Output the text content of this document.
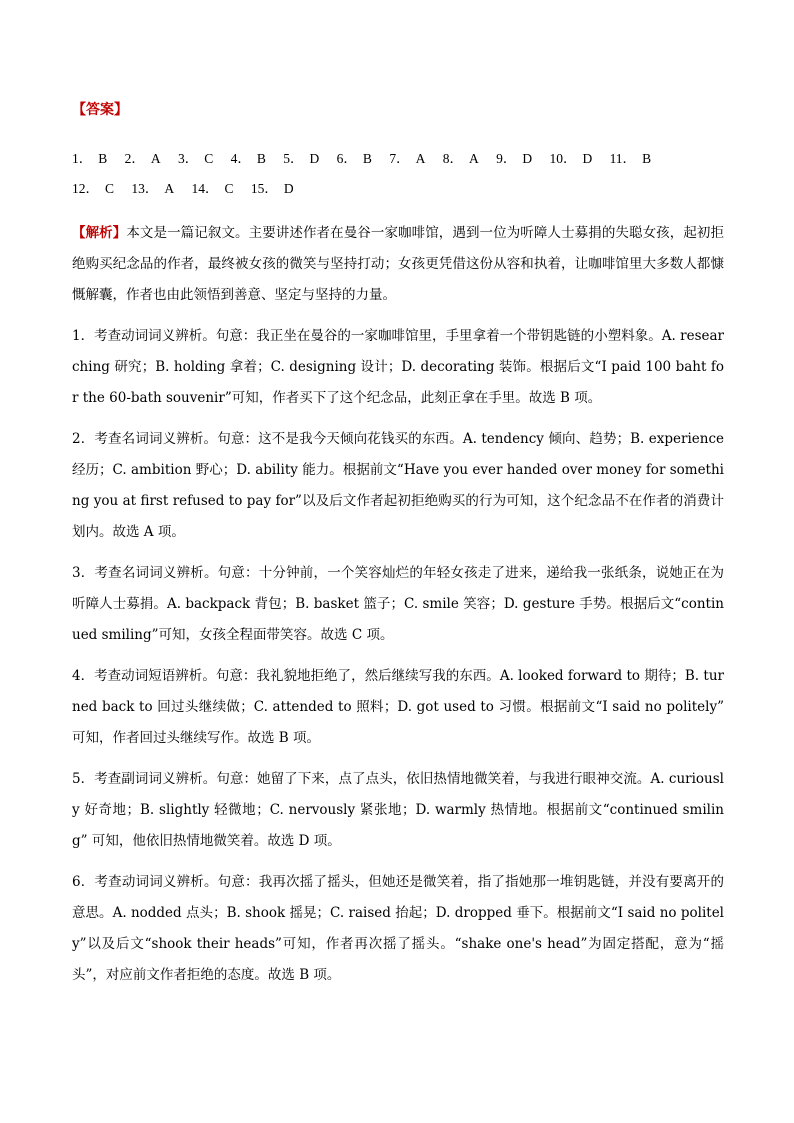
【答案】
1． B 2． A 3． C 4． B 5． D 6． B 7． A 8． A 9． D 10． D 11． B
12． C 13． A 14． C 15． D

【解析】本文是一篇记叙文。主要讲述作者在曼谷一家咖啡馆，遇到一位为听障人士募捐的失聪女孩，起初拒绝购买纪念品的作者，最终被女孩的微笑与坚持打动；女孩更凭借这份从容和执着，让咖啡馆里大多数人都慷慨解囊，作者也由此领悟到善意、坚定与坚持的力量。

1．考查动词词义辨析。句意：我正坐在曼谷的一家咖啡馆里，手里拿着一个带钥匙链的小塑料象。A. researching 研究；B. holding 拿着；C. designing 设计；D. decorating 装饰。根据后文“I paid 100 baht for the 60-bath souvenir”可知，作者买下了这个纪念品，此刻正拿在手里。故选 B 项。

2．考查名词词义辨析。句意：这不是我今天倾向花钱买的东西。A. tendency 倾向、趋势；B. experience 经历；C. ambition 野心；D. ability 能力。根据前文“Have you ever handed over money for something you at first refused to pay for”以及后文作者起初拒绝购买的行为可知，这个纪念品不在作者的消费计划内。故选 A 项。

3．考查名词词义辨析。句意：十分钟前，一个笑容灿烂的年轻女孩走了进来，递给我一张纸条，说她正在为听障人士募捐。A. backpack 背包；B. basket 篮子；C. smile 笑容；D. gesture 手势。根据后文“continued smiling”可知，女孩全程面带笑容。故选 C 项。

4．考查动词短语辨析。句意：我礼貌地拒绝了，然后继续写我的东西。A. looked forward to 期待；B. turned back to 回过头继续做；C. attended to 照料；D. got used to 习惯。根据前文“I said no politely” 可知，作者回过头继续写作。故选 B 项。

5．考查副词词义辨析。句意：她留了下来，点了点头，依旧热情地微笑着，与我进行眼神交流。A. curiously 好奇地；B. slightly 轻微地；C. nervously 紧张地；D. warmly 热情地。根据前文“continued smiling” 可知，他依旧热情地微笑着。故选 D 项。

6．考查动词词义辨析。句意：我再次摇了摇头，但她还是微笑着，指了指她那一堆钥匙链，并没有要离开的意思。A. nodded 点头；B. shook 摇晃；C. raised 抬起；D. dropped 垂下。根据前文“I said no politely”以及后文“shook their heads”可知，作者再次摇了摇头。“shake one's head”为固定搭配，意为“摇头”，对应前文作者拒绝的态度。故选 B 项。
